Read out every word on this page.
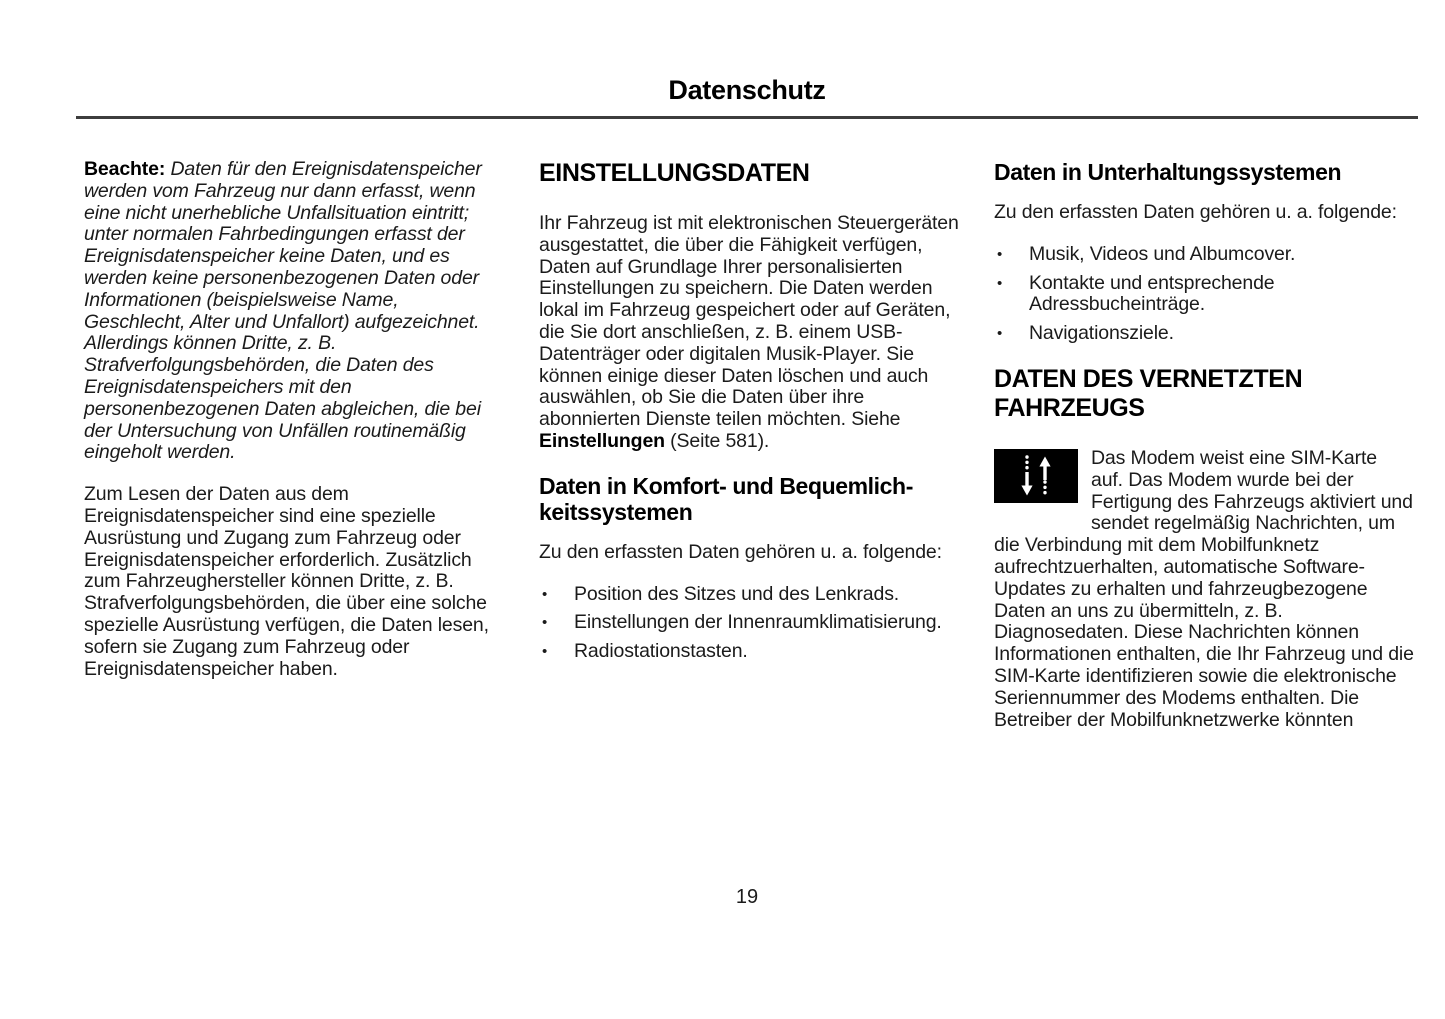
Datenschutz

Beachte: Daten für den Ereignisdatenspeicher werden vom Fahrzeug nur dann erfasst, wenn eine nicht unerhebliche Unfallsituation eintritt; unter normalen Fahrbedingungen erfasst der Ereignisdatenspeicher keine Daten, und es werden keine personenbezogenen Daten oder Informationen (beispielsweise Name, Geschlecht, Alter und Unfallort) aufgezeichnet. Allerdings können Dritte, z. B. Strafverfolgungsbehörden, die Daten des Ereignisdatenspeichers mit den personenbezogenen Daten abgleichen, die bei der Untersuchung von Unfällen routinemäßig eingeholt werden.

Zum Lesen der Daten aus dem Ereignisdatenspeicher sind eine spezielle Ausrüstung und Zugang zum Fahrzeug oder Ereignisdatenspeicher erforderlich. Zusätzlich zum Fahrzeughersteller können Dritte, z. B. Strafverfolgungsbehörden, die über eine solche spezielle Ausrüstung verfügen, die Daten lesen, sofern sie Zugang zum Fahrzeug oder Ereignisdatenspeicher haben.

EINSTELLUNGSDATEN

Ihr Fahrzeug ist mit elektronischen Steuergeräten ausgestattet, die über die Fähigkeit verfügen, Daten auf Grundlage Ihrer personalisierten Einstellungen zu speichern. Die Daten werden lokal im Fahrzeug gespeichert oder auf Geräten, die Sie dort anschließen, z. B. einem USB-Datenträger oder digitalen Musik-Player. Sie können einige dieser Daten löschen und auch auswählen, ob Sie die Daten über ihre abonnierten Dienste teilen möchten. Siehe Einstellungen (Seite 581).

Daten in Komfort- und Bequemlich-keitssystemen

Zu den erfassten Daten gehören u. a. folgende:

• Position des Sitzes und des Lenkrads.
• Einstellungen der Innenraumklimatisierung.
• Radiostationstasten.
Daten in Unterhaltungssystemen

Zu den erfassten Daten gehören u. a. folgende:

• Musik, Videos und Albumcover.
• Kontakte und entsprechende Adressbucheinträge.
• Navigationsziele.
DATEN DES VERNETZTEN FAHRZEUGS

Das Modem weist eine SIM-Karte auf. Das Modem wurde bei der Fertigung des Fahrzeugs aktiviert und sendet regelmäßig Nachrichten, um die Verbindung mit dem Mobilfunknetz aufrechtzuerhalten, automatische Software-Updates zu erhalten und fahrzeugbezogene Daten an uns zu übermitteln, z. B. Diagnosedaten. Diese Nachrichten können Informationen enthalten, die Ihr Fahrzeug und die SIM-Karte identifizieren sowie die elektronische Seriennummer des Modems enthalten. Die Betreiber der Mobilfunknetzwerke könnten

19
